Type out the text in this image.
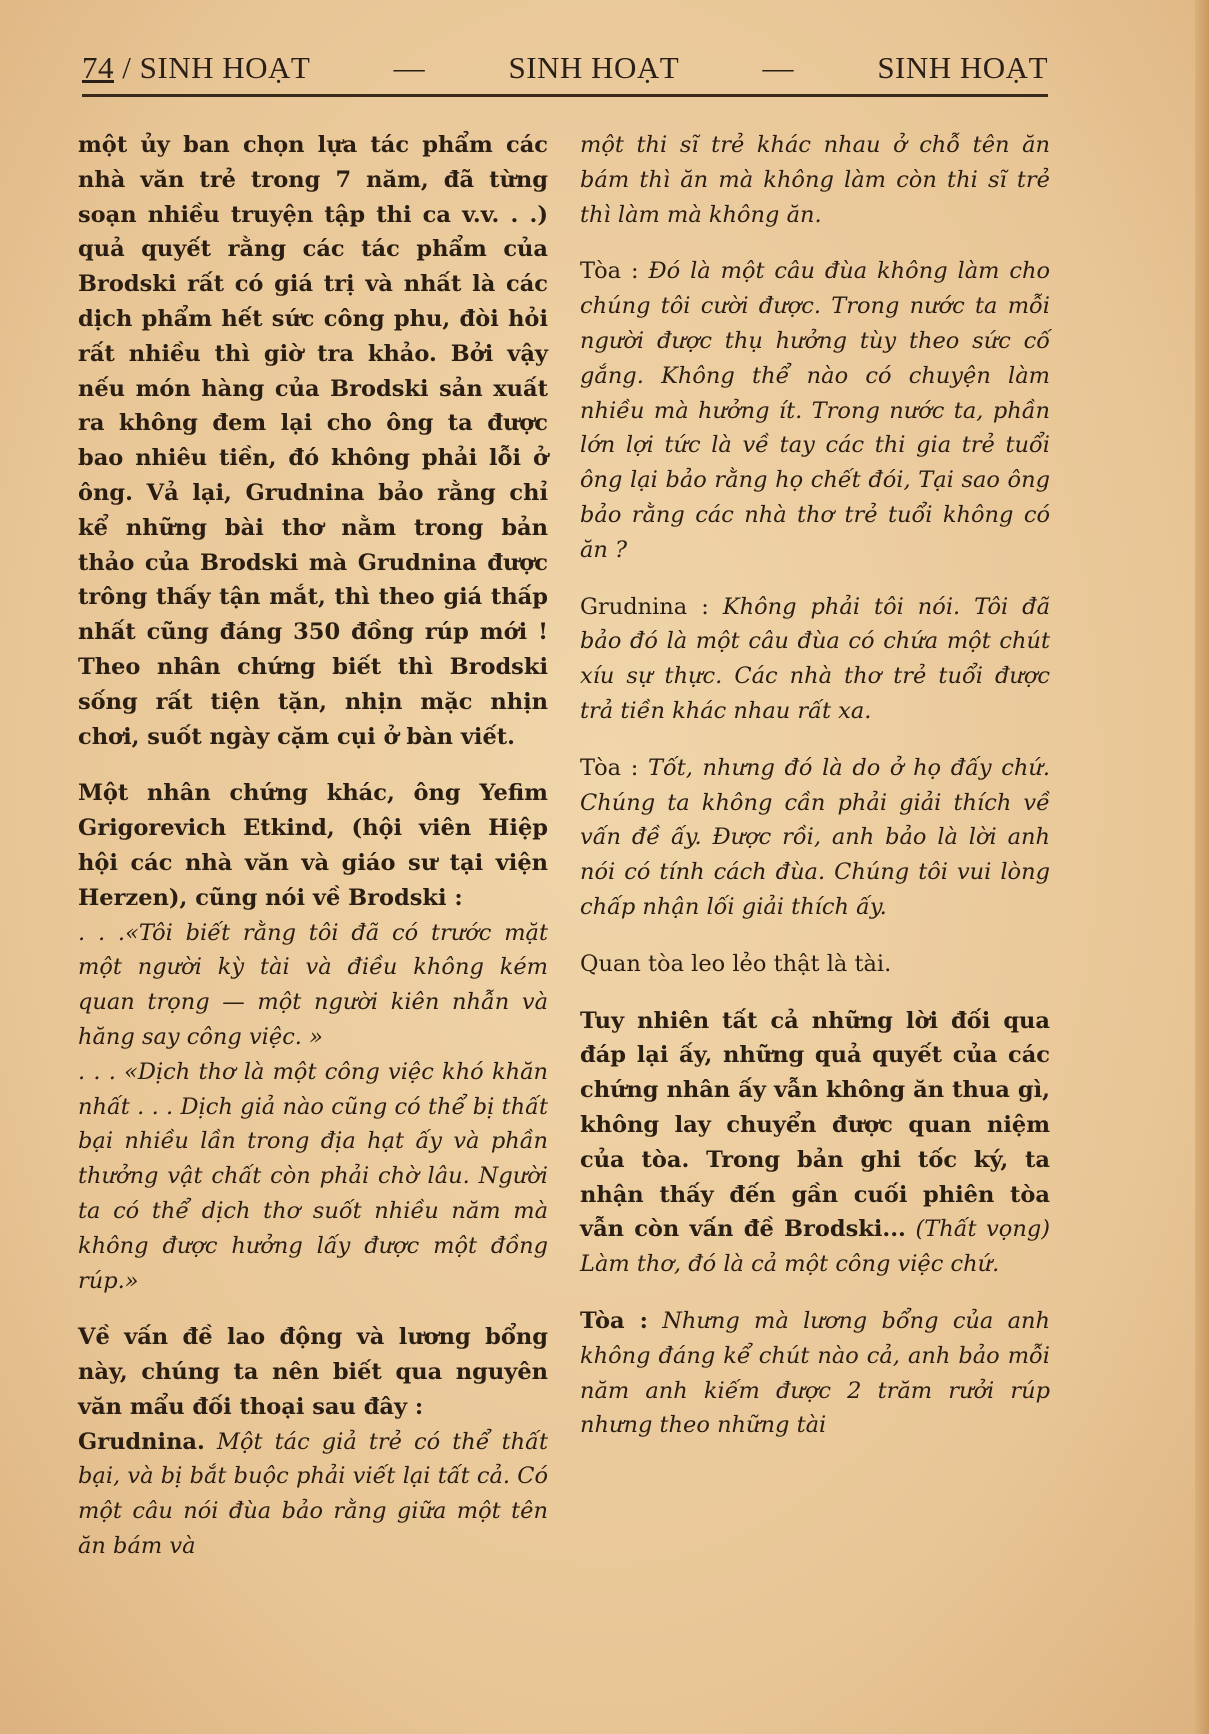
74 / SINH HOẠT	—	SINH HOẠT	—	SINH HOẠT

một ủy ban chọn lựa tác phẩm các nhà văn trẻ trong 7 năm, đã từng soạn nhiều truyện tập thi ca v.v. . .) quả quyết rằng các tác phẩm của Brodski rất có giá trị và nhất là các dịch phẩm hết sức công phu, đòi hỏi rất nhiều thì giờ tra khảo. Bởi vậy nếu món hàng của Brodski sản xuất ra không đem lại cho ông ta được bao nhiêu tiền, đó không phải lỗi ở ông. Vả lại, Grudnina bảo rằng chỉ kể những bài thơ nằm trong bản thảo của Brodski mà Grudnina được trông thấy tận mắt, thì theo giá thấp nhất cũng đáng 350 đồng rúp mới ! Theo nhân chứng biết thì Brodski sống rất tiện tặn, nhịn mặc nhịn chơi, suốt ngày cặm cụi ở bàn viết.

Một nhân chứng khác, ông Yefim Grigorevich Etkind, (hội viên Hiệp hội các nhà văn và giáo sư tại viện Herzen), cũng nói về Brodski :
. . .«Tôi biết rằng tôi đã có trước mặt một người kỳ tài và điều không kém quan trọng — một người kiên nhẫn và hăng say công việc. »
. . . «Dịch thơ là một công việc khó khăn nhất . . . Dịch giả nào cũng có thể bị thất bại nhiều lần trong địa hạt ấy và phần thưởng vật chất còn phải chờ lâu. Người ta có thể dịch thơ suốt nhiều năm mà không được hưởng lấy được một đồng rúp.»

Về vấn đề lao động và lương bổng này, chúng ta nên biết qua nguyên văn mẩu đối thoại sau đây :
Grudnina. Một tác giả trẻ có thể thất bại, và bị bắt buộc phải viết lại tất cả. Có một câu nói đùa bảo rằng giữa một tên ăn bám và

một thi sĩ trẻ khác nhau ở chỗ tên ăn bám thì ăn mà không làm còn thi sĩ trẻ thì làm mà không ăn.

Tòa : Đó là một câu đùa không làm cho chúng tôi cười được. Trong nước ta mỗi người được thụ hưởng tùy theo sức cố gắng. Không thể nào có chuyện làm nhiều mà hưởng ít. Trong nước ta, phần lớn lợi tức là về tay các thi gia trẻ tuổi ông lại bảo rằng họ chết đói, Tại sao ông bảo rằng các nhà thơ trẻ tuổi không có ăn ?

Grudnina : Không phải tôi nói. Tôi đã bảo đó là một câu đùa có chứa một chút xíu sự thực. Các nhà thơ trẻ tuổi được trả tiền khác nhau rất xa.

Tòa : Tốt, nhưng đó là do ở họ đấy chứ. Chúng ta không cần phải giải thích về vấn đề ấy. Được rồi, anh bảo là lời anh nói có tính cách đùa. Chúng tôi vui lòng chấp nhận lối giải thích ấy.

Quan tòa leo lẻo thật là tài.

Tuy nhiên tất cả những lời đối qua đáp lại ấy, những quả quyết của các chứng nhân ấy vẫn không ăn thua gì, không lay chuyển được quan niệm của tòa. Trong bản ghi tốc ký, ta nhận thấy đến gần cuối phiên tòa vẫn còn vấn đề Brodski... (Thất vọng) Làm thơ, đó là cả một công việc chứ.

Tòa : Nhưng mà lương bổng của anh không đáng kể chút nào cả, anh bảo mỗi năm anh kiếm được 2 trăm rưởi rúp nhưng theo những tài
